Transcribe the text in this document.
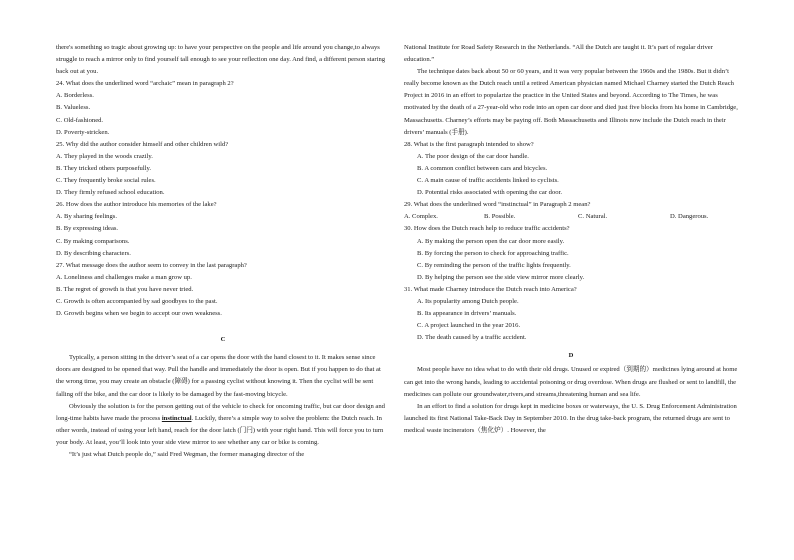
there's something so tragic about growing up: to have your perspective on the people and life around you change,to always struggle to reach a mirror only to find yourself tall enough to see your reflection one day. And find, a different person staring back out at you.

24. What does the underlined word “archaic” mean in paragraph 2?

A. Borderless.

B. Valueless.

C. Old-fashioned.

D. Poverty-stricken.

25. Why did the author consider himself and other children wild?

A. They played in the woods crazily.

B. They tricked others purposefully.

C. They frequently broke social rules.

D. They firmly refused school education.

26. How does the author introduce his memories of the lake?

A. By sharing feelings.

B. By expressing ideas.

C. By making comparisons.

D. By describing characters.

27. What message does the author seem to convey in the last paragraph?

A. Loneliness and challenges make a man grow up.

B. The regret of growth is that you have never tried.

C. Growth is often accompanied by sad goodbyes to the past.

D. Growth begins when we begin to accept our own weakness.

C

Typically, a person sitting in the driver’s seat of a car opens the door with the hand closest to it. It makes sense since doors are designed to be opened that way. Pull the handle and immediately the door is open. But if you happen to do that at the wrong time, you may create an obstacle (障碍) for a passing cyclist without knowing it. Then the cyclist will be sent falling off the bike, and the car door is likely to be damaged by the fast-moving bicycle.

Obviously the solution is for the person getting out of the vehicle to check for oncoming traffic, but car door design and long-time habits have made the process instinctual. Luckily, there’s a simple way to solve the problem: the Dutch reach. In other words, instead of using your left hand, reach for the door latch (门闩) with your right hand. This will force you to turn your body. At least, you’ll look into your side view mirror to see whether any car or bike is coming.

“It’s just what Dutch people do,” said Fred Wegman, the former managing director of the

National Institute for Road Safety Research in the Netherlands. “All the Dutch are taught it. It’s part of regular driver education.”

The technique dates back about 50 or 60 years, and it was very popular between the 1960s and the 1980s. But it didn’t really become known as the Dutch reach until a retired American physician named Michael Charney started the Dutch Reach Project in 2016 in an effort to popularize the practice in the United States and beyond. According to The Times, he was motivated by the death of a 27-year-old who rode into an open car door and died just five blocks from his home in Cambridge, Massachusetts. Charney’s efforts may be paying off. Both Massachusetts and Illinois now include the Dutch reach in their drivers’ manuals (手册).

28. What is the first paragraph intended to show?

A. The poor design of the car door handle.

B. A common conflict between cars and bicycles.

C. A main cause of traffic accidents linked to cyclists.

D. Potential risks associated with opening the car door.

29. What does the underlined word “instinctual” in Paragraph 2 mean?

A. Complex.	B. Possible.	C. Natural.	D. Dangerous.

30. How does the Dutch reach help to reduce traffic accidents?

A. By making the person open the car door more easily.

B. By forcing the person to check for approaching traffic.

C. By reminding the person of the traffic lights frequently.

D. By helping the person see the side view mirror more clearly.

31. What made Charney introduce the Dutch reach into America?

A. Its popularity among Dutch people.

B. Its appearance in drivers’ manuals.

C. A project launched in the year 2016.

D. The death caused by a traffic accident.

D

Most people have no idea what to do with their old drugs. Unused or expired（到期的）medicines lying around at home can get into the wrong hands, leading to accidental poisoning or drug overdose. When drugs are flushed or sent to landfill, the medicines can pollute our groundwater,rivers,and streams,threatening human and sea life.

In an effort to find a solution for drugs kept in medicine boxes or waterways, the U. S. Drug Enforcement Administration launched its first National Take-Back Day in September 2010. In the drug take-back program, the returned drugs are sent to medical waste incinerators（焦化炉）. However, the
